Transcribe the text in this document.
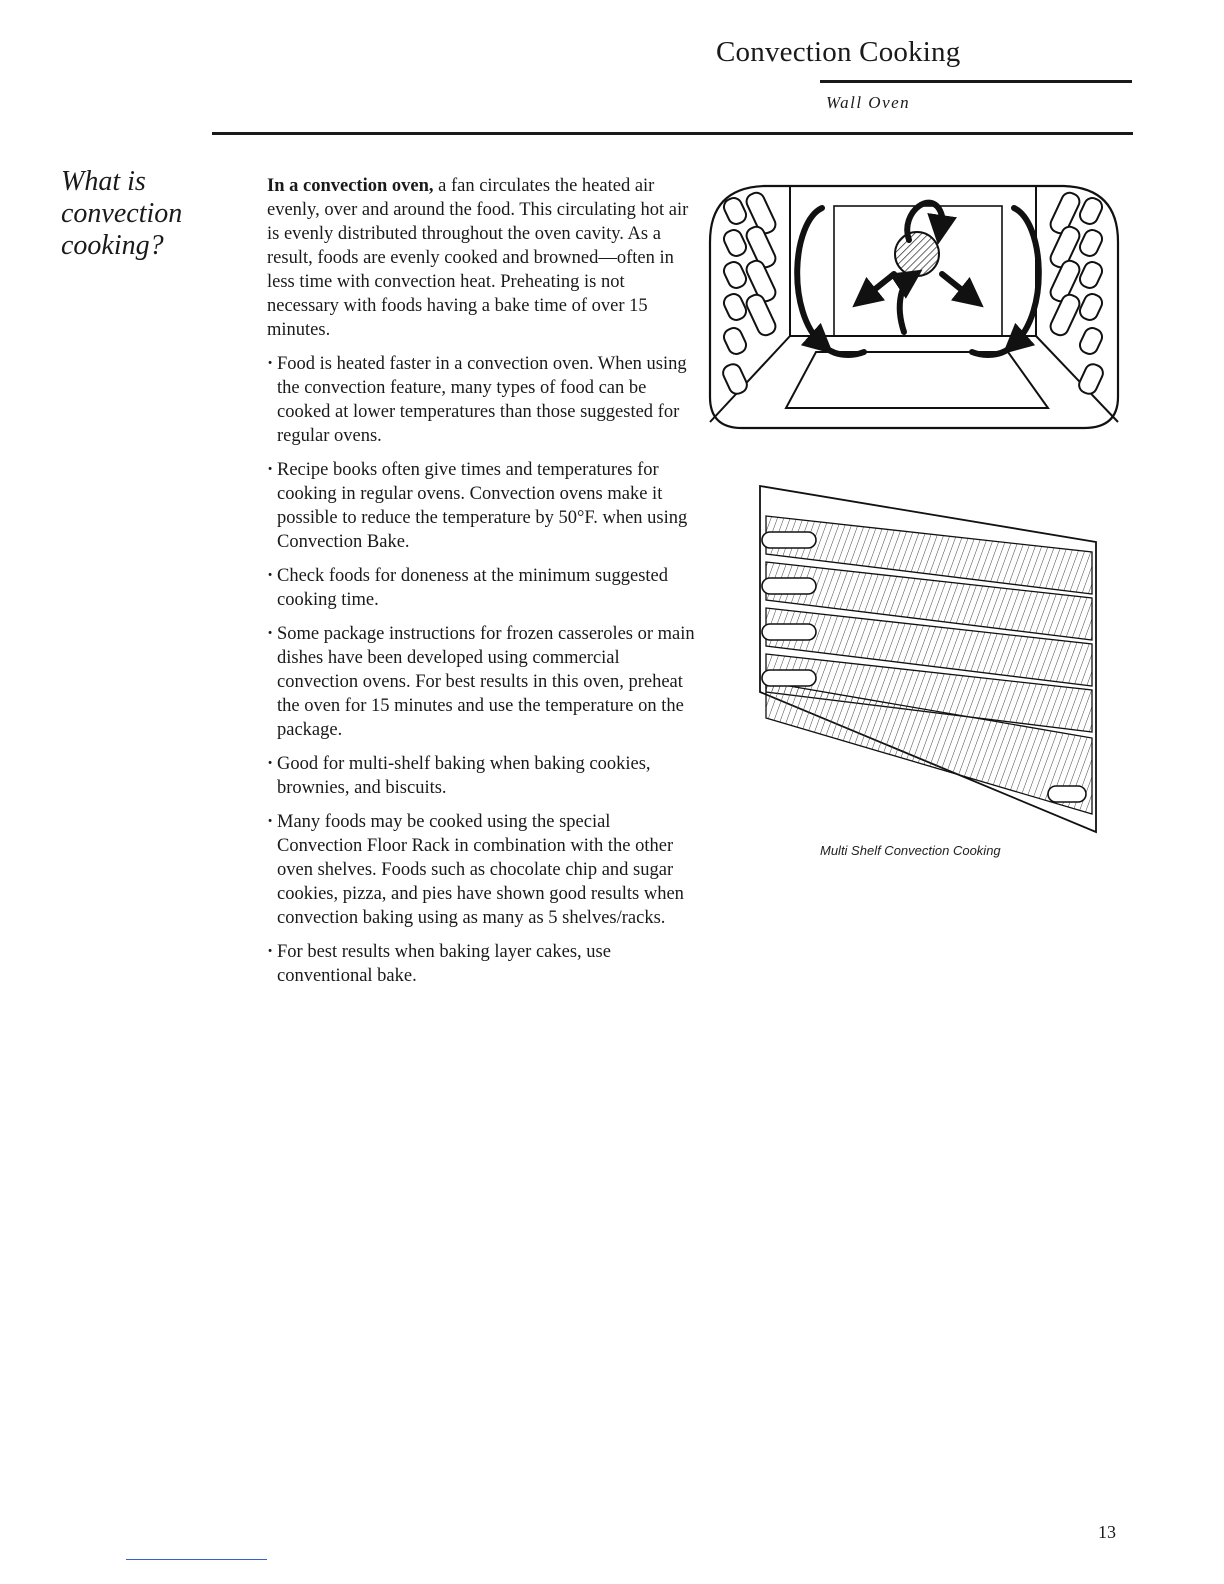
Convection Cooking
Wall Oven
What is
convection
cooking?

In a convection oven, a fan circulates the heated air evenly, over and around the food. This circulating hot air is evenly distributed throughout the oven cavity. As a result, foods are evenly cooked and browned—often in less time with convection heat. Preheating is not necessary with foods having a bake time of over 15 minutes.

· Food is heated faster in a convection oven. When using the convection feature, many types of food can be cooked at lower temperatures than those suggested for regular ovens.
· Recipe books often give times and temperatures for cooking in regular ovens. Convection ovens make it possible to reduce the temperature by 50°F. when using Convection Bake.
· Check foods for doneness at the minimum suggested cooking time.
· Some package instructions for frozen casseroles or main dishes have been developed using commercial convection ovens. For best results in this oven, preheat the oven for 15 minutes and use the temperature on the package.
· Good for multi-shelf baking when baking cookies, brownies, and biscuits.
· Many foods may be cooked using the special Convection Floor Rack in combination with the other oven shelves. Foods such as chocolate chip and sugar cookies, pizza, and pies have shown good results when convection baking using as many as 5 shelves/racks.
· For best results when baking layer cakes, use conventional bake.
Multi Shelf Convection Cooking
13
